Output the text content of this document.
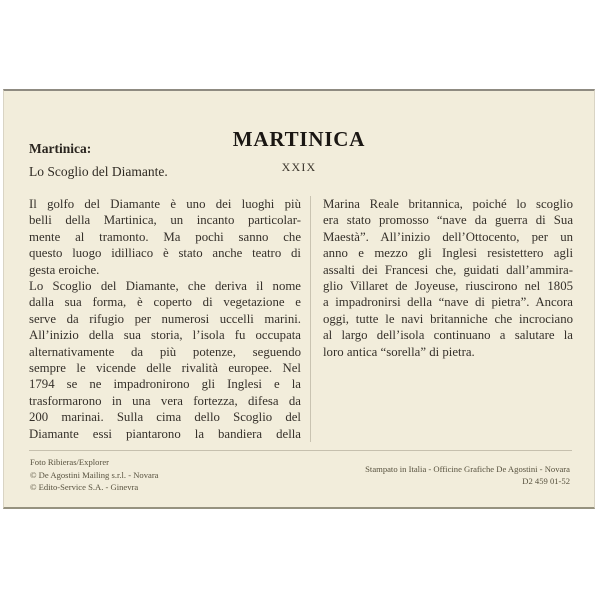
MARTINICA
XXIX
Martinica:
Lo Scoglio del Diamante.
Il golfo del Diamante è uno dei luoghi più
belli della Martinica, un incanto particolar-
mente al tramonto. Ma pochi sanno che
questo luogo idilliaco è stato anche teatro di
gesta eroiche.
Lo Scoglio del Diamante, che deriva il nome
dalla sua forma, è coperto di vegetazione e
serve da rifugio per numerosi uccelli marini.
All’inizio della sua storia, l’isola fu occupata
alternativamente da più potenze, seguendo
sempre le vicende delle rivalità europee. Nel
1794 se ne impadronirono gli Inglesi e la
trasformarono in una vera fortezza, difesa da
200 marinai. Sulla cima dello Scoglio del
Diamante essi piantarono la bandiera della
Marina Reale britannica, poiché lo scoglio
era stato promosso “nave da guerra di Sua
Maestà”. All’inizio dell’Ottocento, per un
anno e mezzo gli Inglesi resistettero agli
assalti dei Francesi che, guidati dall’ammira-
glio Villaret de Joyeuse, riuscirono nel 1805
a impadronirsi della “nave di pietra”. Ancora
oggi, tutte le navi britanniche che incrociano
al largo dell’isola continuano a salutare la
loro antica “sorella” di pietra.
Foto Ribieras/Explorer
© De Agostini Mailing s.r.l. - Novara
© Edito-Service S.A. - Ginevra
Stampato in Italia - Officine Grafiche De Agostini - Novara
D2 459 01-52
